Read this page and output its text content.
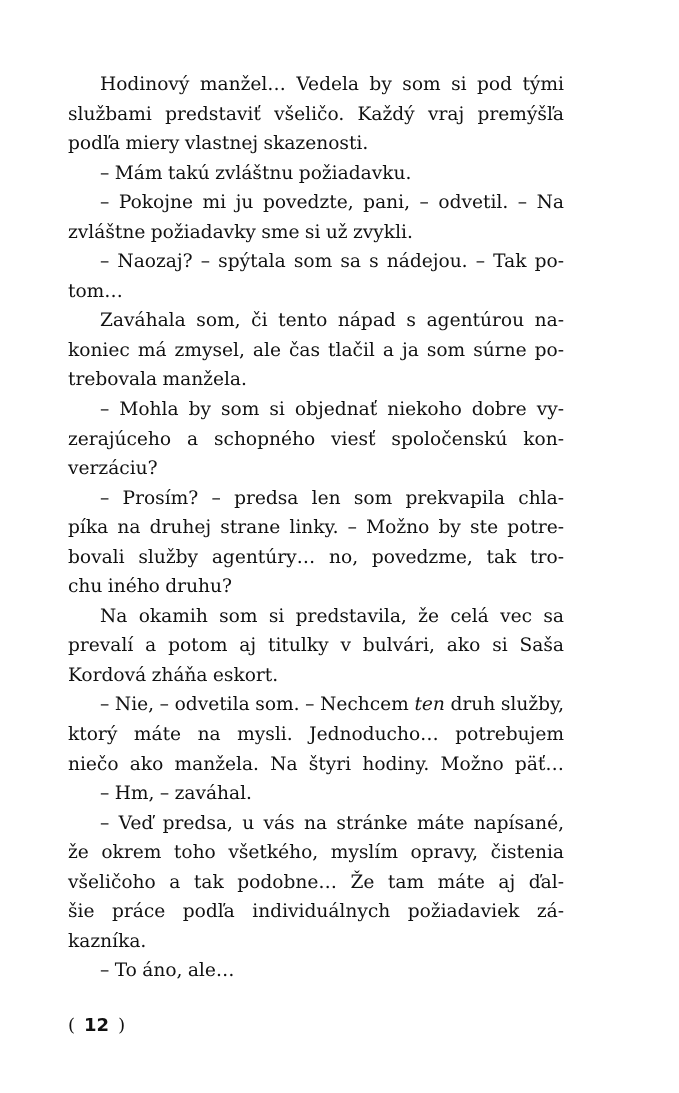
Hodinový manžel… Vedela by som si pod tými
službami predstaviť všeličo. Každý vraj premýšľa
podľa miery vlastnej skazenosti.
– Mám takú zvláštnu požiadavku.
– Pokojne mi ju povedzte, pani, – odvetil. – Na
zvláštne požiadavky sme si už zvykli.
– Naozaj? – spýtala som sa s nádejou. – Tak po-
tom…
Zaváhala som, či tento nápad s agentúrou na-
koniec má zmysel, ale čas tlačil a ja som súrne po-
trebovala manžela.
– Mohla by som si objednať niekoho dobre vy-
zerajúceho a schopného viesť spoločenskú kon-
verzáciu?
– Prosím? – predsa len som prekvapila chla-
píka na druhej strane linky. – Možno by ste potre-
bovali služby agentúry… no, povedzme, tak tro-
chu iného druhu?
Na okamih som si predstavila, že celá vec sa
prevalí a potom aj titulky v bulvári, ako si Saša
Kordová zháňa eskort.
– Nie, – odvetila som. – Nechcem ten druh služby,
ktorý máte na mysli. Jednoducho… potrebujem
niečo ako manžela. Na štyri hodiny. Možno päť…
– Hm, – zaváhal.
– Veď predsa, u vás na stránke máte napísané,
že okrem toho všetkého, myslím opravy, čistenia
všeličoho a tak podobne… Že tam máte aj ďal-
šie práce podľa individuálnych požiadaviek zá-
kazníka.
– To áno, ale…
( 12 )
